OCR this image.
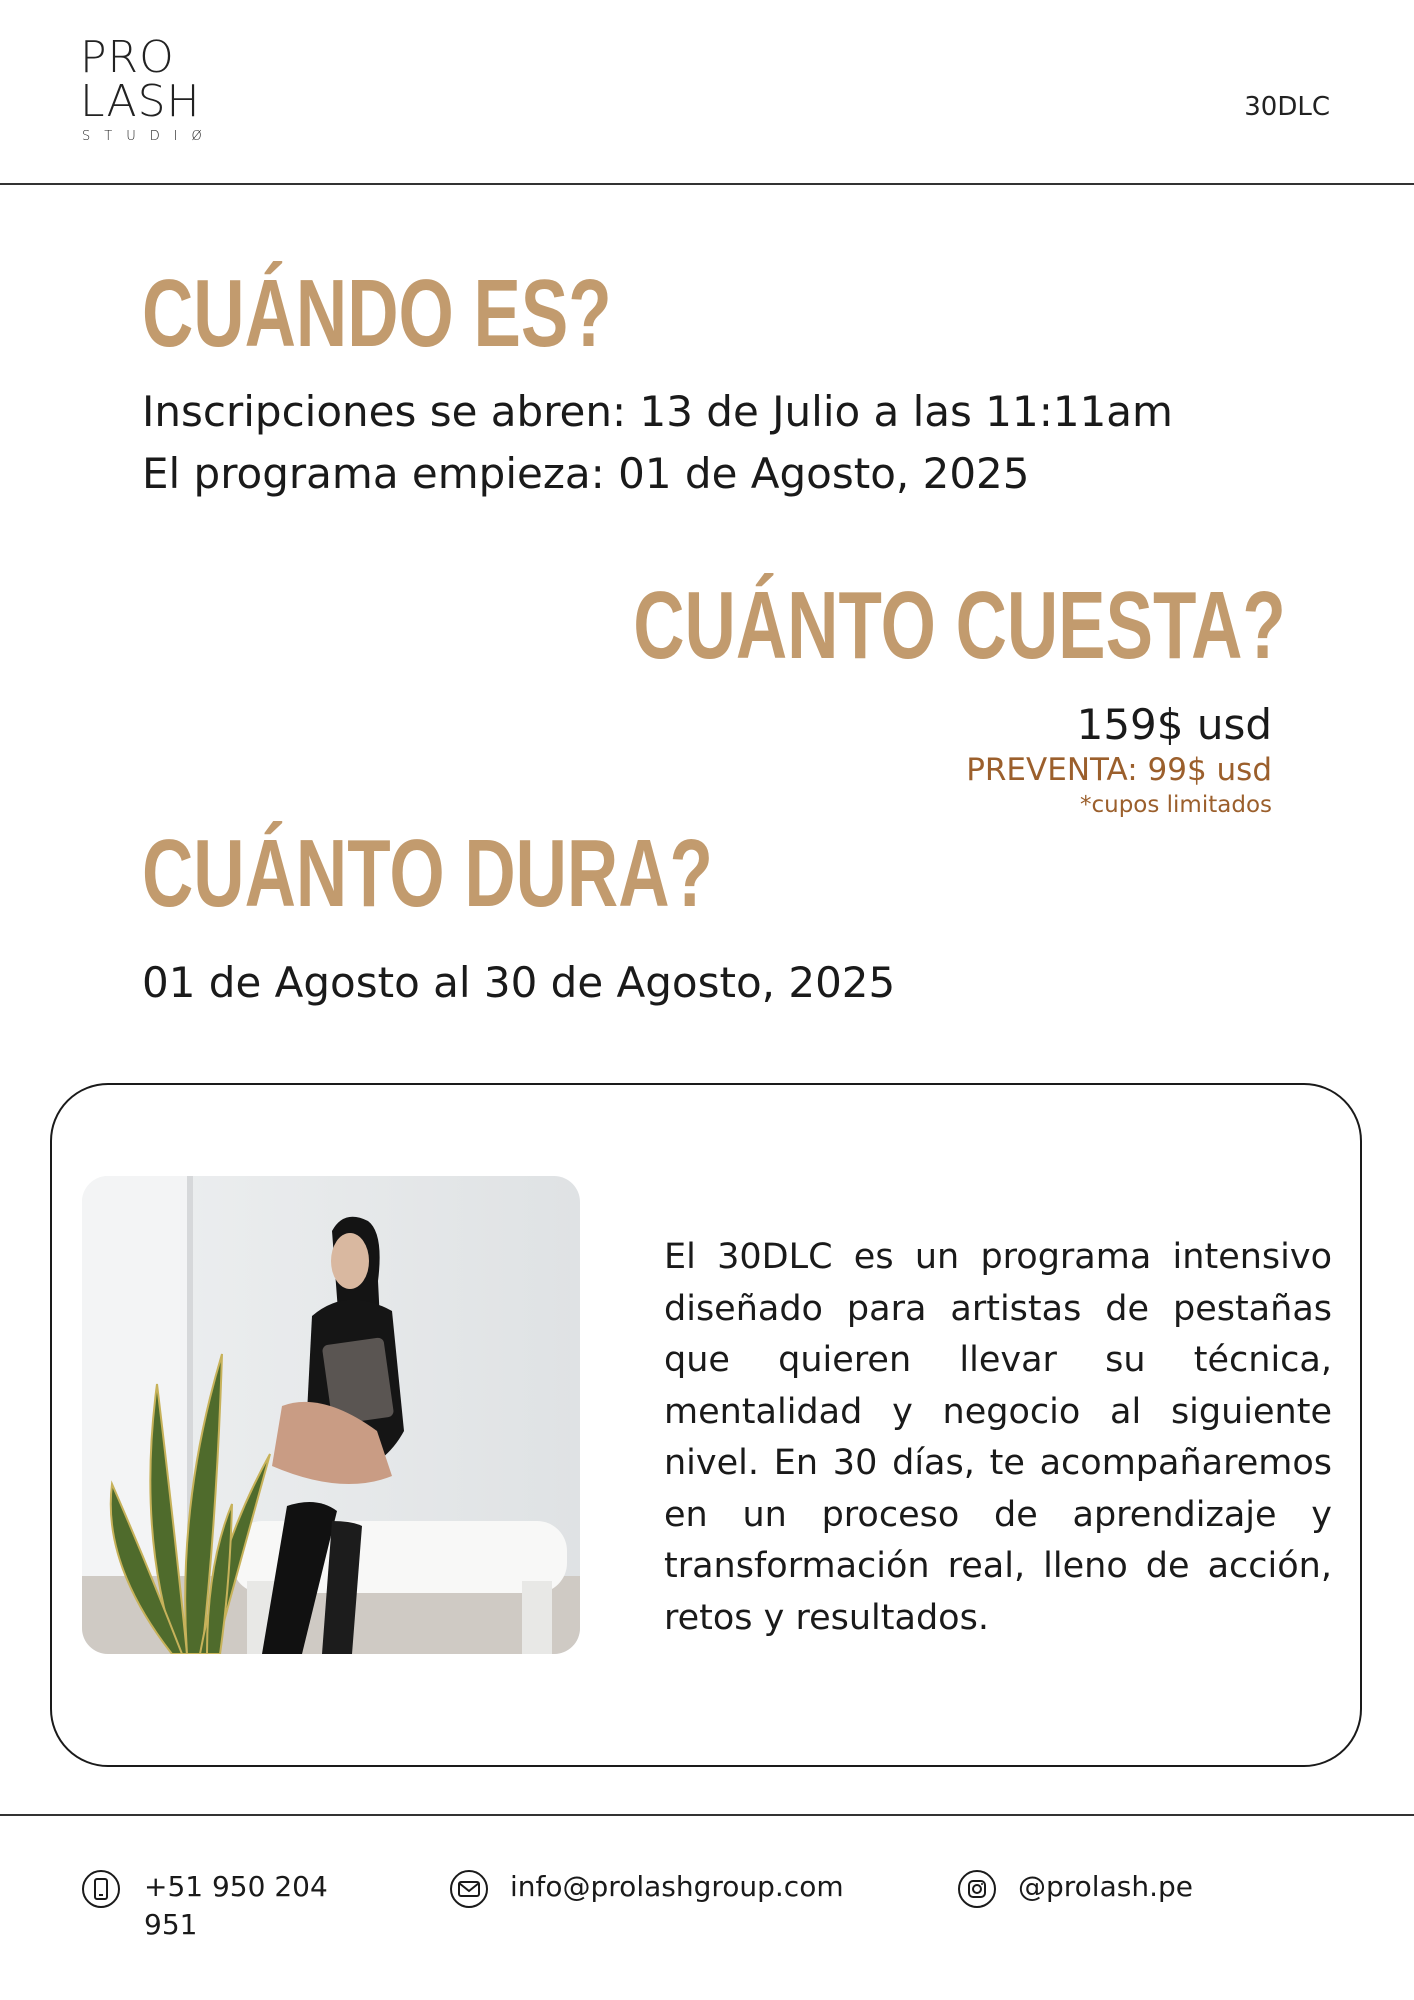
PRO
LASH
STUDIØ
30DLC
CUÁNDO ES?
Inscripciones se abren: 13 de Julio a las 11:11am
El programa empieza: 01 de Agosto, 2025
CUÁNTO CUESTA?
159$ usd
PREVENTA: 99$ usd
*cupos limitados
CUÁNTO DURA?
01 de Agosto al 30 de Agosto, 2025
El 30DLC es un programa intensivo diseñado para artistas de pestañas que quieren llevar su técnica, mentalidad y negocio al siguiente nivel. En 30 días, te acompañaremos en un proceso de aprendizaje y transformación real, lleno de acción, retos y resultados.
+51 950 204 951
info@prolashgroup.com	@prolash.pe
